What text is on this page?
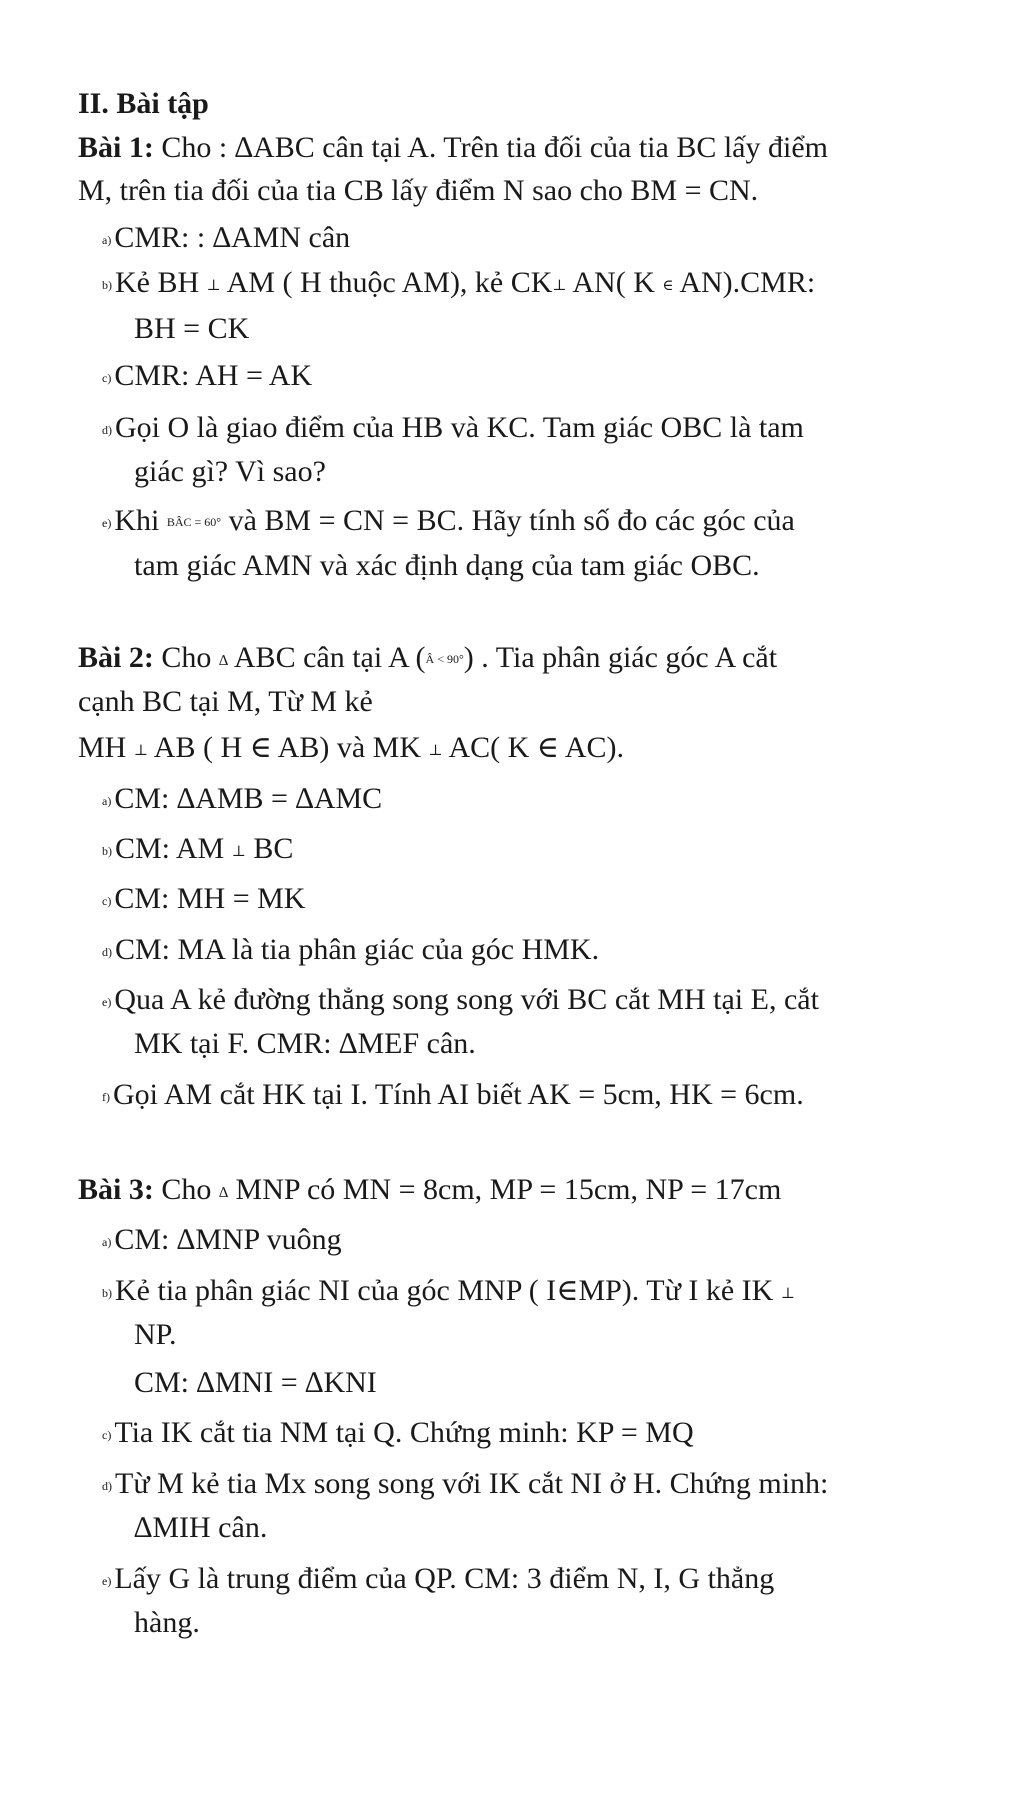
II. Bài tập
Bài 1: Cho : ∆ABC cân tại A. Trên tia đối của tia BC lấy điểm
M, trên tia đối của tia CB lấy điểm N sao cho BM = CN.
a) CMR: : ∆AMN cân
b) Kẻ BH ⊥ AM ( H thuộc AM), kẻ CK⊥ AN( K ∈ AN).CMR:
BH = CK
c) CMR: AH = AK
d) Gọi O là giao điểm của HB và KC. Tam giác OBC là tam
giác gì? Vì sao?
e) Khi BÂC = 60° và BM = CN = BC. Hãy tính số đo các góc của
tam giác AMN và xác định dạng của tam giác OBC.
Bài 2: Cho ∆ ABC cân tại A (Â < 90°) . Tia phân giác góc A cắt
cạnh BC tại M, Từ M kẻ
MH ⊥ AB ( H ∈ AB) và MK ⊥ AC( K ∈ AC).
a) CM: ∆AMB = ∆AMC
b) CM: AM ⊥ BC
c) CM: MH = MK
d) CM: MA là tia phân giác của góc HMK.
e) Qua A kẻ đường thẳng song song với BC cắt MH tại E, cắt
MK tại F. CMR: ∆MEF cân.
f) Gọi AM cắt HK tại I. Tính AI biết AK = 5cm, HK = 6cm.
Bài 3: Cho ∆ MNP có MN = 8cm, MP = 15cm, NP = 17cm
a) CM: ∆MNP vuông
b) Kẻ tia phân giác NI của góc MNP ( I∈MP). Từ I kẻ IK ⊥
NP.
CM: ∆MNI = ∆KNI
c) Tia IK cắt tia NM tại Q. Chứng minh: KP = MQ
d) Từ M kẻ tia Mx song song với IK cắt NI ở H. Chứng minh:
∆MIH cân.
e) Lấy G là trung điểm của QP. CM: 3 điểm N, I, G thẳng
hàng.
